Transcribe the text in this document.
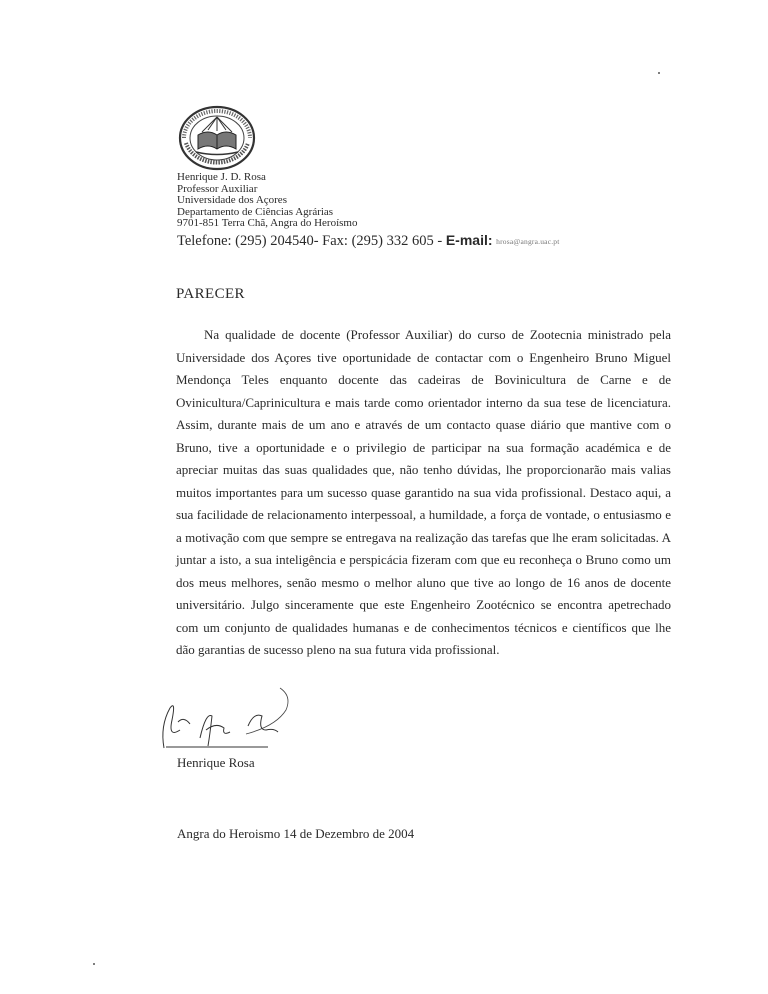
Henrique J. D. Rosa
Professor Auxiliar
Universidade dos Açores
Departamento de Ciências Agrárias
9701-851 Terra Chã, Angra do Heroísmo
Telefone: (295) 204540- Fax: (295) 332 605 - E-mail: hrosa@angra.uac.pt
PARECER

Na qualidade de docente (Professor Auxiliar) do curso de Zootecnia ministrado pela Universidade dos Açores tive oportunidade de contactar com o Engenheiro Bruno Miguel Mendonça Teles enquanto docente das cadeiras de Bovinicultura de Carne e de Ovinicultura/Caprinicultura e mais tarde como orientador interno da sua tese de licenciatura. Assim, durante mais de um ano e através de um contacto quase diário que mantive com o Bruno, tive a oportunidade e o privilegio de participar na sua formação académica e de apreciar muitas das suas qualidades que, não tenho dúvidas, lhe proporcionarão mais valias muitos importantes para um sucesso quase garantido na sua vida profissional. Destaco aqui, a sua facilidade de relacionamento interpessoal, a humildade, a força de vontade, o entusiasmo e a motivação com que sempre se entregava na realização das tarefas que lhe eram solicitadas. A juntar a isto, a sua inteligência e perspicácia fizeram com que eu reconheça o Bruno como um dos meus melhores, senão mesmo o melhor aluno que tive ao longo de 16 anos de docente universitário. Julgo sinceramente que este Engenheiro Zootécnico se encontra apetrechado com um conjunto de qualidades humanas e de conhecimentos técnicos e científicos que lhe dão garantias de sucesso pleno na sua futura vida profissional.

Henrique Rosa
Angra do Heroismo 14 de Dezembro de 2004
